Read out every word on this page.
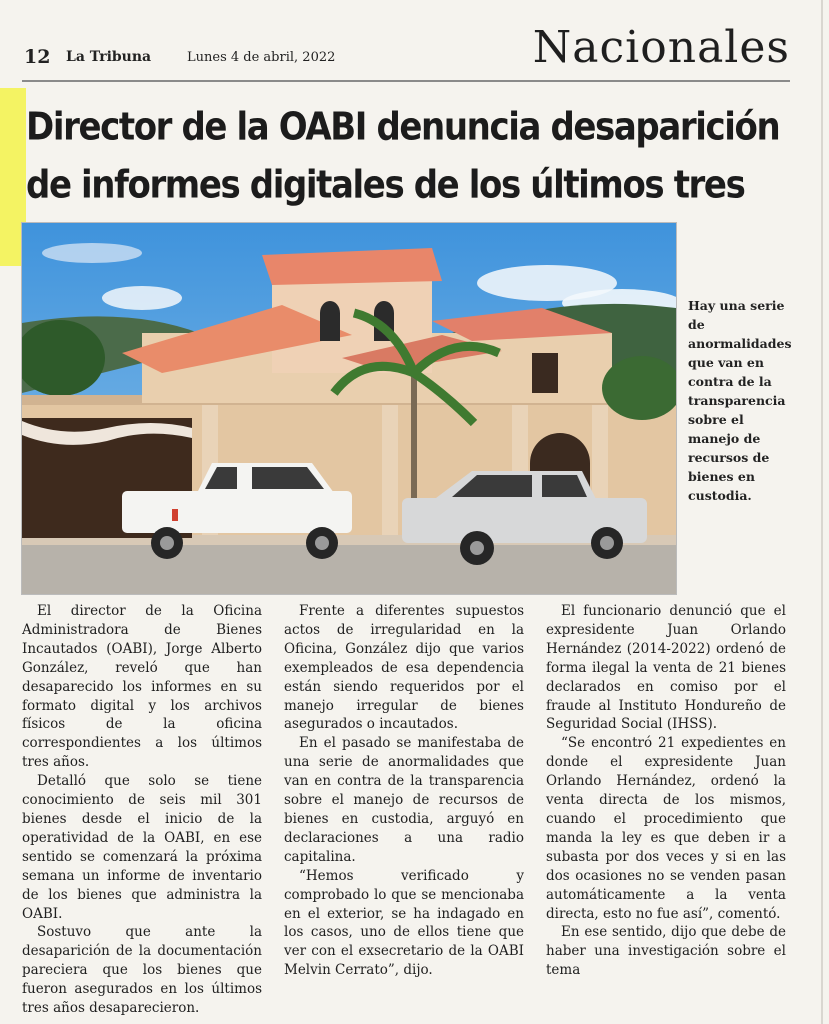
12 La Tribuna	Lunes 4 de abril, 2022	Nacionales
Director de la OABI denuncia desaparición de informes digitales de los últimos tres

Hay una serie de anormalidades que van en contra de la transparencia sobre el manejo de recursos de bienes en custodia.

El director de la Oficina Administradora de Bienes Incautados (OABI), Jorge Alberto González, reveló que han desaparecido los informes en su formato digital y los archivos físicos de la oficina correspondientes a los últimos tres años.

Detalló que solo se tiene conocimiento de seis mil 301 bienes desde el inicio de la operatividad de la OABI, en ese sentido se comenzará la próxima semana un informe de inventario de los bienes que administra la OABI.

Sostuvo que ante la desaparición de la documentación pareciera que los bienes que fueron asegurados en los últimos tres años desaparecieron.

Frente a diferentes supuestos actos de irregularidad en la Oficina, González dijo que varios exempleados de esa dependencia están siendo requeridos por el manejo irregular de bienes asegurados o incautados.

En el pasado se manifestaba de una serie de anormalidades que van en contra de la transparencia sobre el manejo de recursos de bienes en custodia, arguyó en declaraciones a una radio capitalina.

“Hemos verificado y comprobado lo que se mencionaba en el exterior, se ha indagado en los casos, uno de ellos tiene que ver con el exsecretario de la OABI Melvin Cerrato”, dijo.

El funcionario denunció que el expresidente Juan Orlando Hernández (2014-2022) ordenó de forma ilegal la venta de 21 bienes declarados en comiso por el fraude al Instituto Hondureño de Seguridad Social (IHSS).

“Se encontró 21 expedientes en donde el expresidente Juan Orlando Hernández, ordenó la venta directa de los mismos, cuando el procedimiento que manda la ley es que deben ir a subasta por dos veces y si en las dos ocasiones no se venden pasan automáticamente a la venta directa, esto no fue así”, comentó.

En ese sentido, dijo que debe de haber una investigación sobre el tema
